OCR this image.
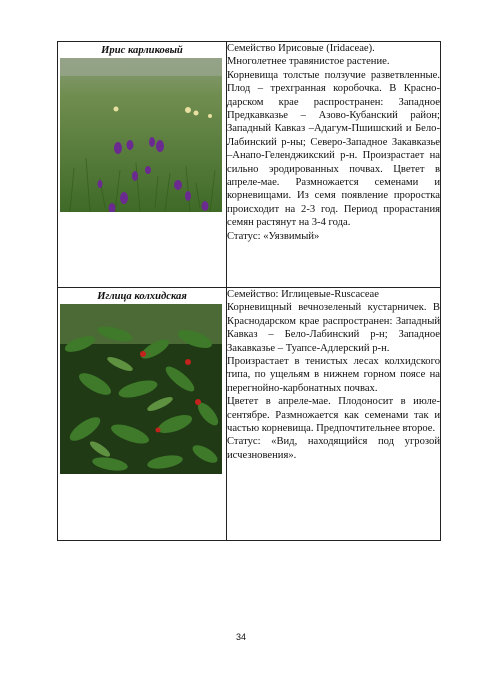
Ирис карликовый	Семейство Ирисовые (Iridaceae).

Многолетнее травянистое растение.

Корневища толстые ползучие разветвленные. Плод – трехгранная коробочка. В Красно-дарском крае распространен: Западное Предкавказье – Азово-Кубанский район; Западный Кавказ –Адагум-Пшишский и Бело-Лабинский р-ны; Северо-Западное Закавказье –Анапо-Геленджикский р-н. Произрастает на сильно эродированных почвах. Цветет в апреле-мае. Размножается семенами и корневищами. Из семя появление проростка происходит на 2-3 год. Период прорастания семян растянут на 3-4 года.

Статус: «Уязвимый»

Иглица колхидская	Семейство: Иглицевые-Ruscaceae

Корневищный вечнозеленый кустарничек. В Краснодарском крае распространен: Западный Кавказ – Бело-Лабинский р-н; Западное Закавказье – Туапсе-Адлерский р-н.

Произрастает в тенистых лесах колхидского типа, по ущельям в нижнем горном поясе на перегнойно-карбонатных почвах.

Цветет в апреле-мае. Плодоносит в июле-сентябре. Размножается как семенами так и частью корневища. Предпочтительнее второе.

Статус: «Вид, находящийся под угрозой исчезновения».

34
